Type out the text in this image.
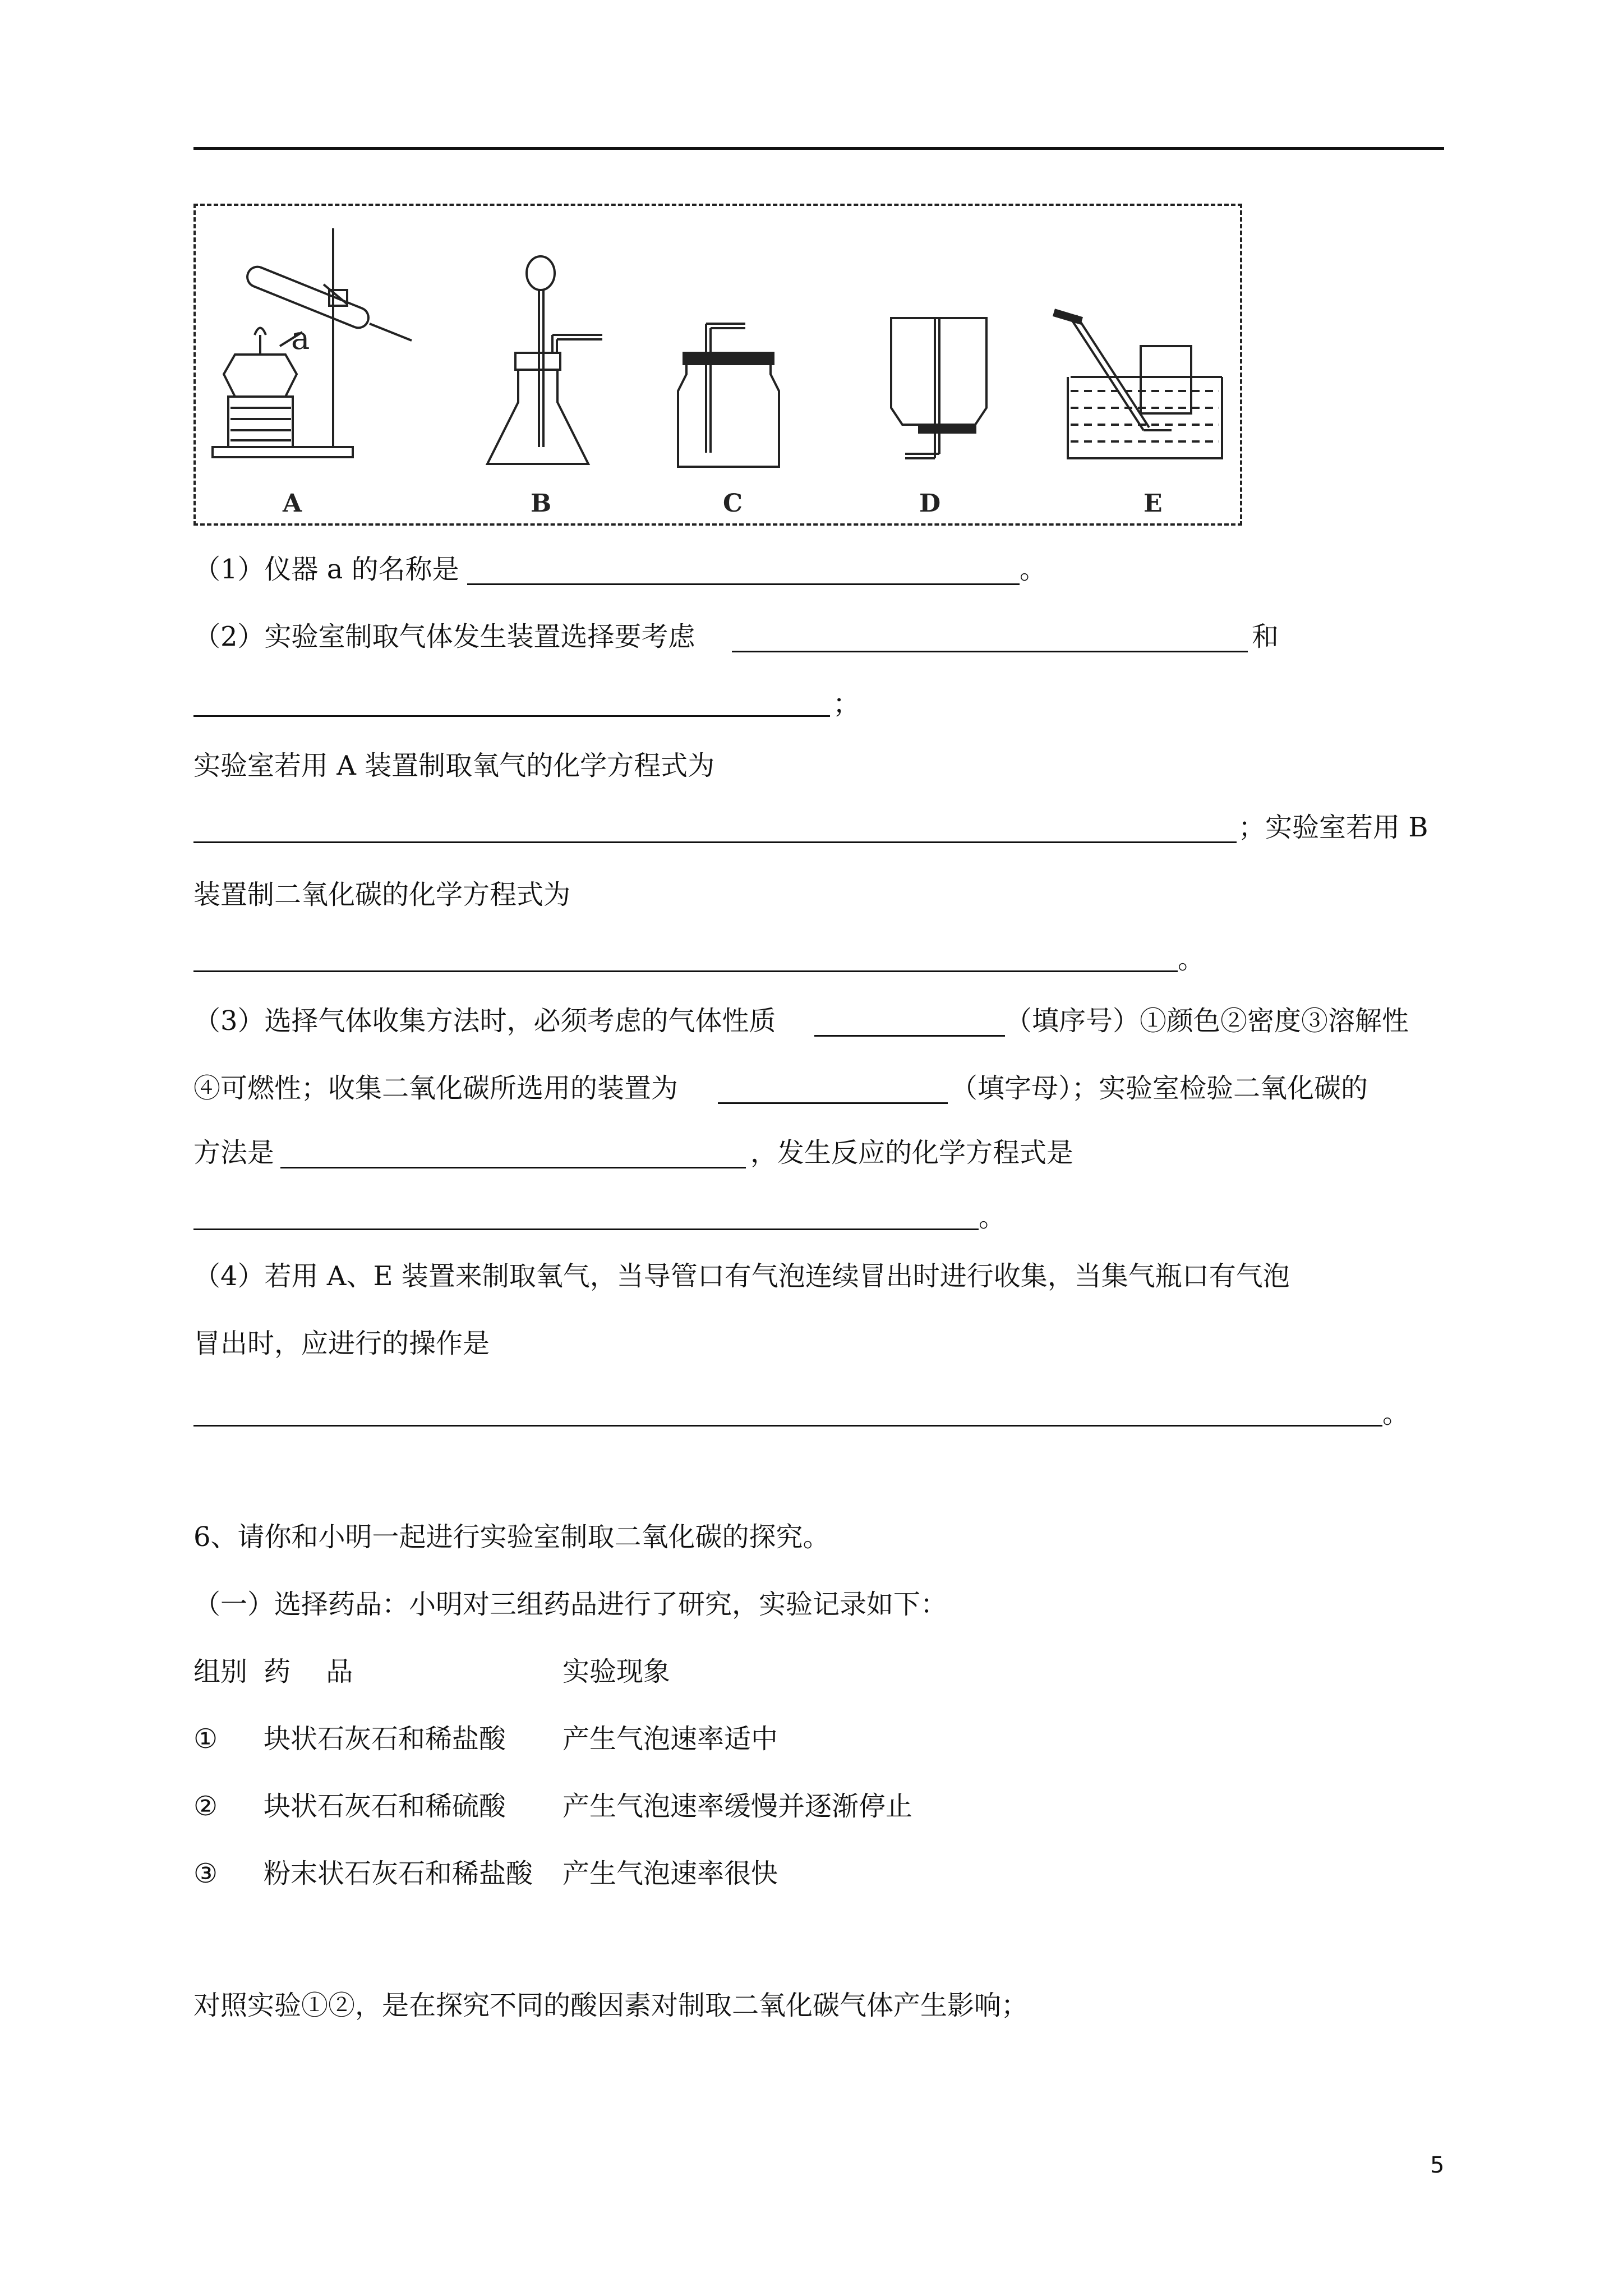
a
A	B	C	D	E
（1）仪器 a 的名称是	。
（2）实验室制取气体发生装置选择要考虑	和
；
实验室若用 A 装置制取氧气的化学方程式为
；实验室若用 B
装置制二氧化碳的化学方程式为
。
（3）选择气体收集方法时，必须考虑的气体性质	（填序号）①颜色②密度③溶解性
④可燃性；收集二氧化碳所选用的装置为	（填字母）；实验室检验二氧化碳的
方法是	，发生反应的化学方程式是
。
（4）若用 A、E 装置来制取氧气，当导管口有气泡连续冒出时进行收集，当集气瓶口有气泡
冒出时，应进行的操作是
。
6、请你和小明一起进行实验室制取二氧化碳的探究。
（一）选择药品：小明对三组药品进行了研究，实验记录如下：
组别 药　 品	实验现象
① 块状石灰石和稀盐酸 产生气泡速率适中
② 块状石灰石和稀硫酸 产生气泡速率缓慢并逐渐停止
③ 粉末状石灰石和稀盐酸 产生气泡速率很快
对照实验①②，是在探究不同的酸因素对制取二氧化碳气体产生影响；
5
